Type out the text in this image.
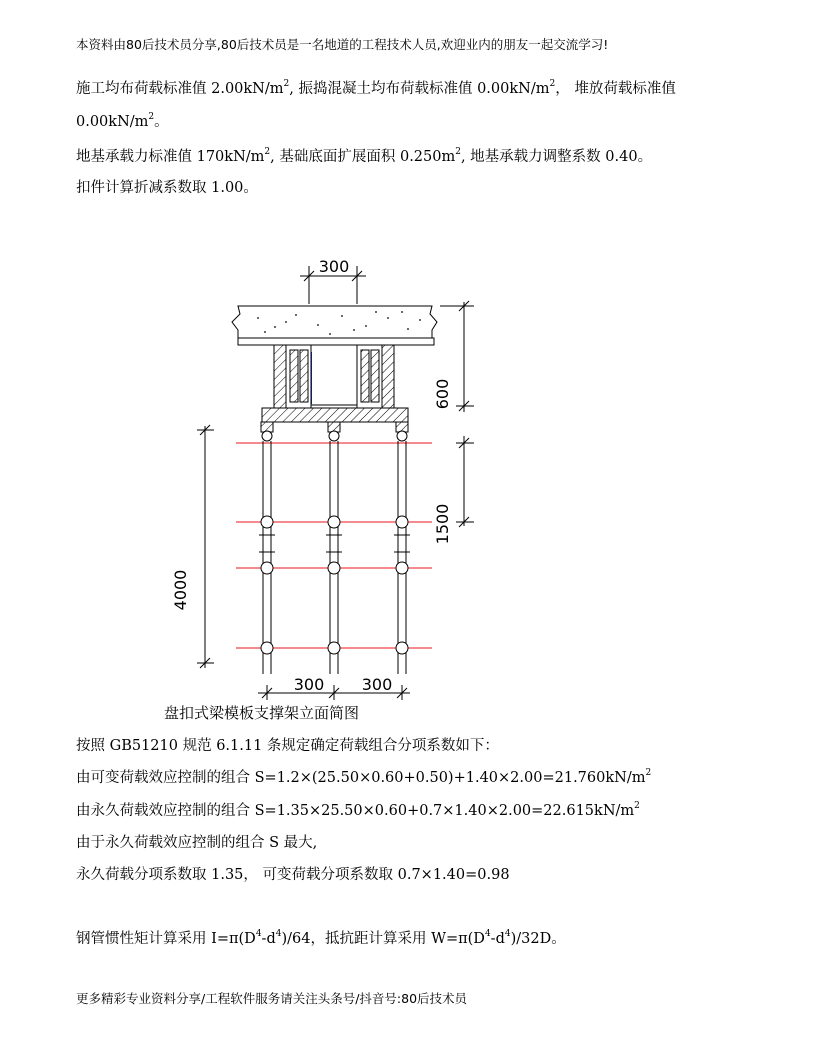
本资料由80后技术员分享,80后技术员是一名地道的工程技术人员,欢迎业内的朋友一起交流学习!
施工均布荷载标准值 $2.00kN/m^2$, 振捣混凝土均布荷载标准值 $0.00kN/m^2$， 堆放荷载标准值
$0.00kN/m^2$。
地基承载力标准值 $170kN/m^2$, 基础底面扩展面积 $0.250m^2$, 地基承载力调整系数 0.40。
扣件计算折减系数取 1.00。
300
600
1500
4000
300 300
盘扣式梁模板支撑架立面简图
按照 GB51210 规范 6.1.11 条规定确定荷载组合分项系数如下：
由可变荷载效应控制的组合 $S=1.2\times(25.50\times 0.60+0.50)+1.40\times 2.00=21.760kN/m^2$
由永久荷载效应控制的组合 $S=1.35\times 25.50\times 0.60+0.7\times 1.40\times 2.00=22.615kN/m^2$
由于永久荷载效应控制的组合 S 最大,
永久荷载分项系数取 1.35， 可变荷载分项系数取 0.7×1.40=0.98
钢管惯性矩计算采用 $I=\pi(D^4-d^4)/64$，抵抗距计算采用 $W=\pi(D^4-d^4)/32D$。
更多精彩专业资料分享/工程软件服务请关注头条号/抖音号:80后技术员
